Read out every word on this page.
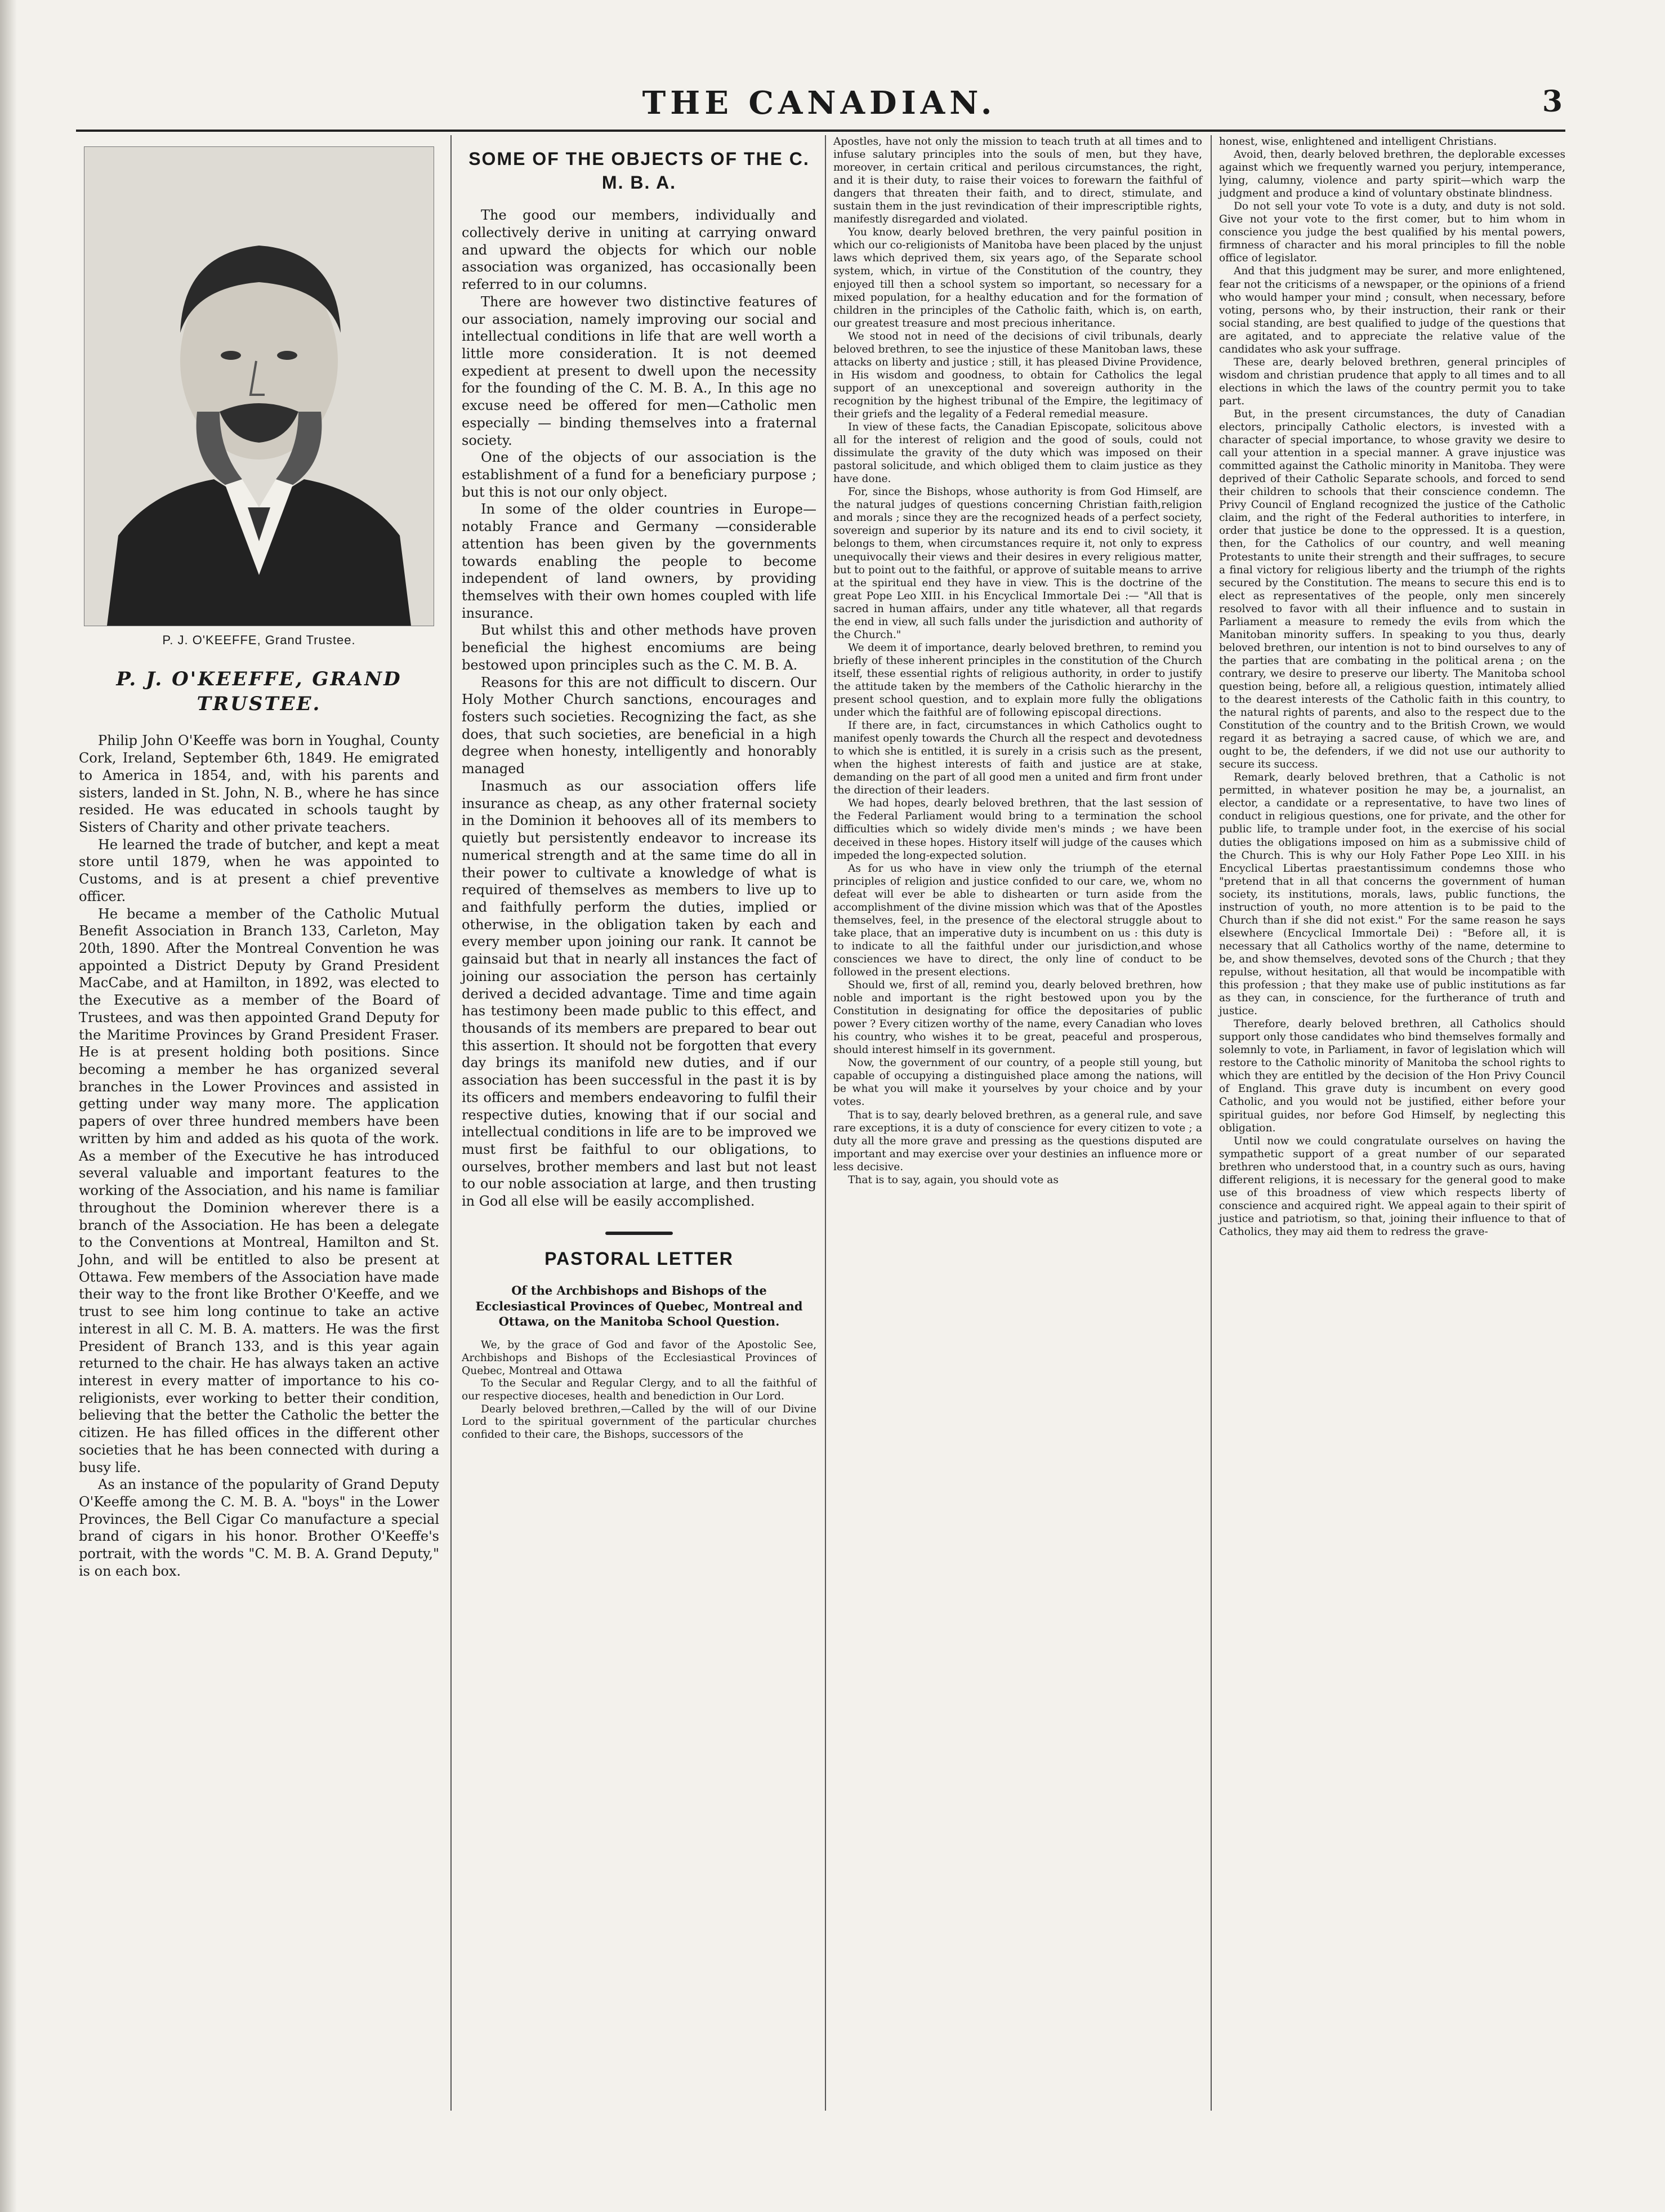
THE CANADIAN.	3
P. J. O'KEEFFE, Grand Trustee.
P. J. O'KEEFFE, GRAND TRUSTEE.

Philip John O'Keeffe was born in Youghal, County Cork, Ireland, September 6th, 1849. He emigrated to America in 1854, and, with his parents and sisters, landed in St. John, N. B., where he has since resided. He was educated in schools taught by Sisters of Charity and other private teachers.

He learned the trade of butcher, and kept a meat store until 1879, when he was appointed to Customs, and is at present a chief preventive officer.

He became a member of the Catholic Mutual Benefit Association in Branch 133, Carleton, May 20th, 1890. After the Montreal Convention he was appointed a District Deputy by Grand President MacCabe, and at Hamilton, in 1892, was elected to the Executive as a member of the Board of Trustees, and was then appointed Grand Deputy for the Maritime Provinces by Grand President Fraser. He is at present holding both positions. Since becoming a member he has organized several branches in the Lower Provinces and assisted in getting under way many more. The application papers of over three hundred members have been written by him and added as his quota of the work. As a member of the Executive he has introduced several valuable and important features to the working of the Association, and his name is familiar throughout the Dominion wherever there is a branch of the Association. He has been a delegate to the Conventions at Montreal, Hamilton and St. John, and will be entitled to also be present at Ottawa. Few members of the Association have made their way to the front like Brother O'Keeffe, and we trust to see him long continue to take an active interest in all C. M. B. A. matters. He was the first President of Branch 133, and is this year again returned to the chair. He has always taken an active interest in every matter of importance to his co-religionists, ever working to better their condition, believing that the better the Catholic the better the citizen. He has filled offices in the different other societies that he has been connected with during a busy life.

As an instance of the popularity of Grand Deputy O'Keeffe among the C. M. B. A. "boys" in the Lower Provinces, the Bell Cigar Co manufacture a special brand of cigars in his honor. Brother O'Keeffe's portrait, with the words "C. M. B. A. Grand Deputy," is on each box.

SOME OF THE OBJECTS OF THE C. M. B. A.

The good our members, individually and collectively derive in uniting at carrying onward and upward the objects for which our noble association was organized, has occasionally been referred to in our columns.

There are however two distinctive features of our association, namely improving our social and intellectual conditions in life that are well worth a little more consideration. It is not deemed expedient at present to dwell upon the necessity for the founding of the C. M. B. A., In this age no excuse need be offered for men—Catholic men especially — binding themselves into a fraternal society.

One of the objects of our association is the establishment of a fund for a beneficiary purpose ; but this is not our only object.

In some of the older countries in Europe—notably France and Germany —considerable attention has been given by the governments towards enabling the people to become independent of land owners, by providing themselves with their own homes coupled with life insurance.

But whilst this and other methods have proven beneficial the highest encomiums are being bestowed upon principles such as the C. M. B. A.

Reasons for this are not difficult to discern. Our Holy Mother Church sanctions, encourages and fosters such societies. Recognizing the fact, as she does, that such societies, are beneficial in a high degree when honesty, intelligently and honorably managed

Inasmuch as our association offers life insurance as cheap, as any other fraternal society in the Dominion it behooves all of its members to quietly but persistently endeavor to increase its numerical strength and at the same time do all in their power to cultivate a knowledge of what is required of themselves as members to live up to and faithfully perform the duties, implied or otherwise, in the obligation taken by each and every member upon joining our rank. It cannot be gainsaid but that in nearly all instances the fact of joining our association the person has certainly derived a decided advantage. Time and time again has testimony been made public to this effect, and thousands of its members are prepared to bear out this assertion. It should not be forgotten that every day brings its manifold new duties, and if our association has been successful in the past it is by its officers and members endeavoring to fulfil their respective duties, knowing that if our social and intellectual conditions in life are to be improved we must first be faithful to our obligations, to ourselves, brother members and last but not least to our noble association at large, and then trusting in God all else will be easily accomplished.

PASTORAL LETTER
Of the Archbishops and Bishops of the Ecclesiastical Provinces of Quebec, Montreal and Ottawa, on the Manitoba School Question.

We, by the grace of God and favor of the Apostolic See, Archbishops and Bishops of the Ecclesiastical Provinces of Quebec, Montreal and Ottawa

To the Secular and Regular Clergy, and to all the faithful of our respective dioceses, health and benediction in Our Lord.

Dearly beloved brethren,—Called by the will of our Divine Lord to the spiritual government of the particular churches confided to their care, the Bishops, successors of the

Apostles, have not only the mission to teach truth at all times and to infuse salutary principles into the souls of men, but they have, moreover, in certain critical and perilous circumstances, the right, and it is their duty, to raise their voices to forewarn the faithful of dangers that threaten their faith, and to direct, stimulate, and sustain them in the just revindication of their imprescriptible rights, manifestly disregarded and violated.

You know, dearly beloved brethren, the very painful position in which our co-religionists of Manitoba have been placed by the unjust laws which deprived them, six years ago, of the Separate school system, which, in virtue of the Constitution of the country, they enjoyed till then a school system so important, so necessary for a mixed population, for a healthy education and for the formation of children in the principles of the Catholic faith, which is, on earth, our greatest treasure and most precious inheritance.

We stood not in need of the decisions of civil tribunals, dearly beloved brethren, to see the injustice of these Manitoban laws, these attacks on liberty and justice ; still, it has pleased Divine Providence, in His wisdom and goodness, to obtain for Catholics the legal support of an unexceptional and sovereign authority in the recognition by the highest tribunal of the Empire, the legitimacy of their griefs and the legality of a Federal remedial measure.

In view of these facts, the Canadian Episcopate, solicitous above all for the interest of religion and the good of souls, could not dissimulate the gravity of the duty which was imposed on their pastoral solicitude, and which obliged them to claim justice as they have done.

For, since the Bishops, whose authority is from God Himself, are the natural judges of questions concerning Christian faith,religion and morals ; since they are the recognized heads of a perfect society, sovereign and superior by its nature and its end to civil society, it belongs to them, when circumstances require it, not only to express unequivocally their views and their desires in every religious matter, but to point out to the faithful, or approve of suitable means to arrive at the spiritual end they have in view. This is the doctrine of the great Pope Leo XIII. in his Encyclical Immortale Dei :— "All that is sacred in human affairs, under any title whatever, all that regards the end in view, all such falls under the jurisdiction and authority of the Church."

We deem it of importance, dearly beloved brethren, to remind you briefly of these inherent principles in the constitution of the Church itself, these essential rights of religious authority, in order to justify the attitude taken by the members of the Catholic hierarchy in the present school question, and to explain more fully the obligations under which the faithful are of following episcopal directions.

If there are, in fact, circumstances in which Catholics ought to manifest openly towards the Church all the respect and devotedness to which she is entitled, it is surely in a crisis such as the present, when the highest interests of faith and justice are at stake, demanding on the part of all good men a united and firm front under the direction of their leaders.

We had hopes, dearly beloved brethren, that the last session of the Federal Parliament would bring to a termination the school difficulties which so widely divide men's minds ; we have been deceived in these hopes. History itself will judge of the causes which impeded the long-expected solution.

As for us who have in view only the triumph of the eternal principles of religion and justice confided to our care, we, whom no defeat will ever be able to dishearten or turn aside from the accomplishment of the divine mission which was that of the Apostles themselves, feel, in the presence of the electoral struggle about to take place, that an imperative duty is incumbent on us : this duty is to indicate to all the faithful under our jurisdiction,and whose consciences we have to direct, the only line of conduct to be followed in the present elections.

Should we, first of all, remind you, dearly beloved brethren, how noble and important is the right bestowed upon you by the Constitution in designating for office the depositaries of public power ? Every citizen worthy of the name, every Canadian who loves his country, who wishes it to be great, peaceful and prosperous, should interest himself in its government.

Now, the government of our country, of a people still young, but capable of occupying a distinguished place among the nations, will be what you will make it yourselves by your choice and by your votes.

That is to say, dearly beloved brethren, as a general rule, and save rare exceptions, it is a duty of conscience for every citizen to vote ; a duty all the more grave and pressing as the questions disputed are important and may exercise over your destinies an influence more or less decisive.

That is to say, again, you should vote as

honest, wise, enlightened and intelligent Christians.

Avoid, then, dearly beloved brethren, the deplorable excesses against which we frequently warned you perjury, intemperance, lying, calumny, violence and party spirit—which warp the judgment and produce a kind of voluntary obstinate blindness.

Do not sell your vote To vote is a duty, and duty is not sold. Give not your vote to the first comer, but to him whom in conscience you judge the best qualified by his mental powers, firmness of character and his moral principles to fill the noble office of legislator.

And that this judgment may be surer, and more enlightened, fear not the criticisms of a newspaper, or the opinions of a friend who would hamper your mind ; consult, when necessary, before voting, persons who, by their instruction, their rank or their social standing, are best qualified to judge of the questions that are agitated, and to appreciate the relative value of the candidates who ask your suffrage.

These are, dearly beloved brethren, general principles of wisdom and christian prudence that apply to all times and to all elections in which the laws of the country permit you to take part.

But, in the present circumstances, the duty of Canadian electors, principally Catholic electors, is invested with a character of special importance, to whose gravity we desire to call your attention in a special manner. A grave injustice was committed against the Catholic minority in Manitoba. They were deprived of their Catholic Separate schools, and forced to send their children to schools that their conscience condemn. The Privy Council of England recognized the justice of the Catholic claim, and the right of the Federal authorities to interfere, in order that justice be done to the oppressed. It is a question, then, for the Catholics of our country, and well meaning Protestants to unite their strength and their suffrages, to secure a final victory for religious liberty and the triumph of the rights secured by the Constitution. The means to secure this end is to elect as representatives of the people, only men sincerely resolved to favor with all their influence and to sustain in Parliament a measure to remedy the evils from which the Manitoban minority suffers. In speaking to you thus, dearly beloved brethren, our intention is not to bind ourselves to any of the parties that are combating in the political arena ; on the contrary, we desire to preserve our liberty. The Manitoba school question being, before all, a religious question, intimately allied to the dearest interests of the Catholic faith in this country, to the natural rights of parents, and also to the respect due to the Constitution of the country and to the British Crown, we would regard it as betraying a sacred cause, of which we are, and ought to be, the defenders, if we did not use our authority to secure its success.

Remark, dearly beloved brethren, that a Catholic is not permitted, in whatever position he may be, a journalist, an elector, a candidate or a representative, to have two lines of conduct in religious questions, one for private, and the other for public life, to trample under foot, in the exercise of his social duties the obligations imposed on him as a submissive child of the Church. This is why our Holy Father Pope Leo XIII. in his Encyclical Libertas praestantissimum condemns those who "pretend that in all that concerns the government of human society, its institutions, morals, laws, public functions, the instruction of youth, no more attention is to be paid to the Church than if she did not exist." For the same reason he says elsewhere (Encyclical Immortale Dei) : "Before all, it is necessary that all Catholics worthy of the name, determine to be, and show themselves, devoted sons of the Church ; that they repulse, without hesitation, all that would be incompatible with this profession ; that they make use of public institutions as far as they can, in conscience, for the furtherance of truth and justice.

Therefore, dearly beloved brethren, all Catholics should support only those candidates who bind themselves formally and solemnly to vote, in Parliament, in favor of legislation which will restore to the Catholic minority of Manitoba the school rights to which they are entitled by the decision of the Hon Privy Council of England. This grave duty is incumbent on every good Catholic, and you would not be justified, either before your spiritual guides, nor before God Himself, by neglecting this obligation.

Until now we could congratulate ourselves on having the sympathetic support of a great number of our separated brethren who understood that, in a country such as ours, having different religions, it is necessary for the general good to make use of this broadness of view which respects liberty of conscience and acquired right. We appeal again to their spirit of justice and patriotism, so that, joining their influence to that of Catholics, they may aid them to redress the grave-
